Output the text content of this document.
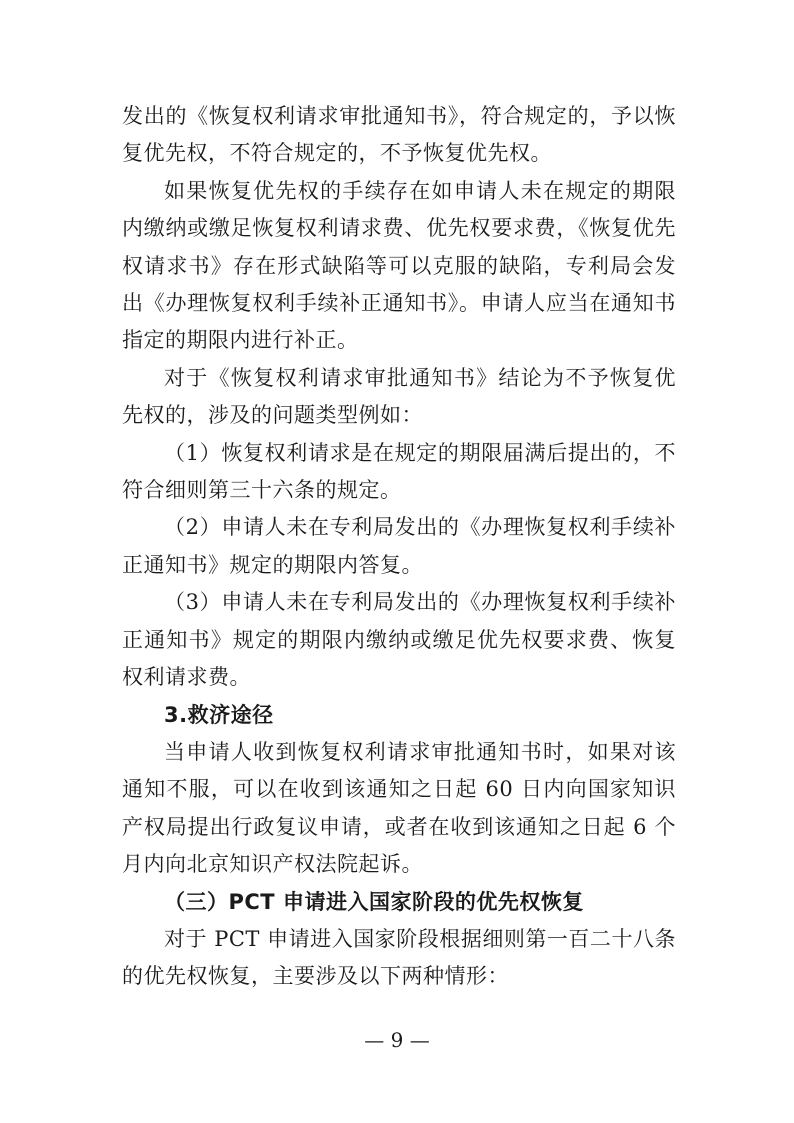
发出的《恢复权利请求审批通知书》，符合规定的，予以恢复优先权，不符合规定的，不予恢复优先权。

如果恢复优先权的手续存在如申请人未在规定的期限内缴纳或缴足恢复权利请求费、优先权要求费，《恢复优先权请求书》存在形式缺陷等可以克服的缺陷，专利局会发出《办理恢复权利手续补正通知书》。申请人应当在通知书指定的期限内进行补正。

对于《恢复权利请求审批通知书》结论为不予恢复优先权的，涉及的问题类型例如：

（1）恢复权利请求是在规定的期限届满后提出的，不符合细则第三十六条的规定。

（2）申请人未在专利局发出的《办理恢复权利手续补正通知书》规定的期限内答复。

（3）申请人未在专利局发出的《办理恢复权利手续补正通知书》规定的期限内缴纳或缴足优先权要求费、恢复权利请求费。

3.救济途径

当申请人收到恢复权利请求审批通知书时，如果对该通知不服，可以在收到该通知之日起 60 日内向国家知识产权局提出行政复议申请，或者在收到该通知之日起 6 个月内向北京知识产权法院起诉。

（三）PCT 申请进入国家阶段的优先权恢复

对于 PCT 申请进入国家阶段根据细则第一百二十八条的优先权恢复，主要涉及以下两种情形：

— 9 —
